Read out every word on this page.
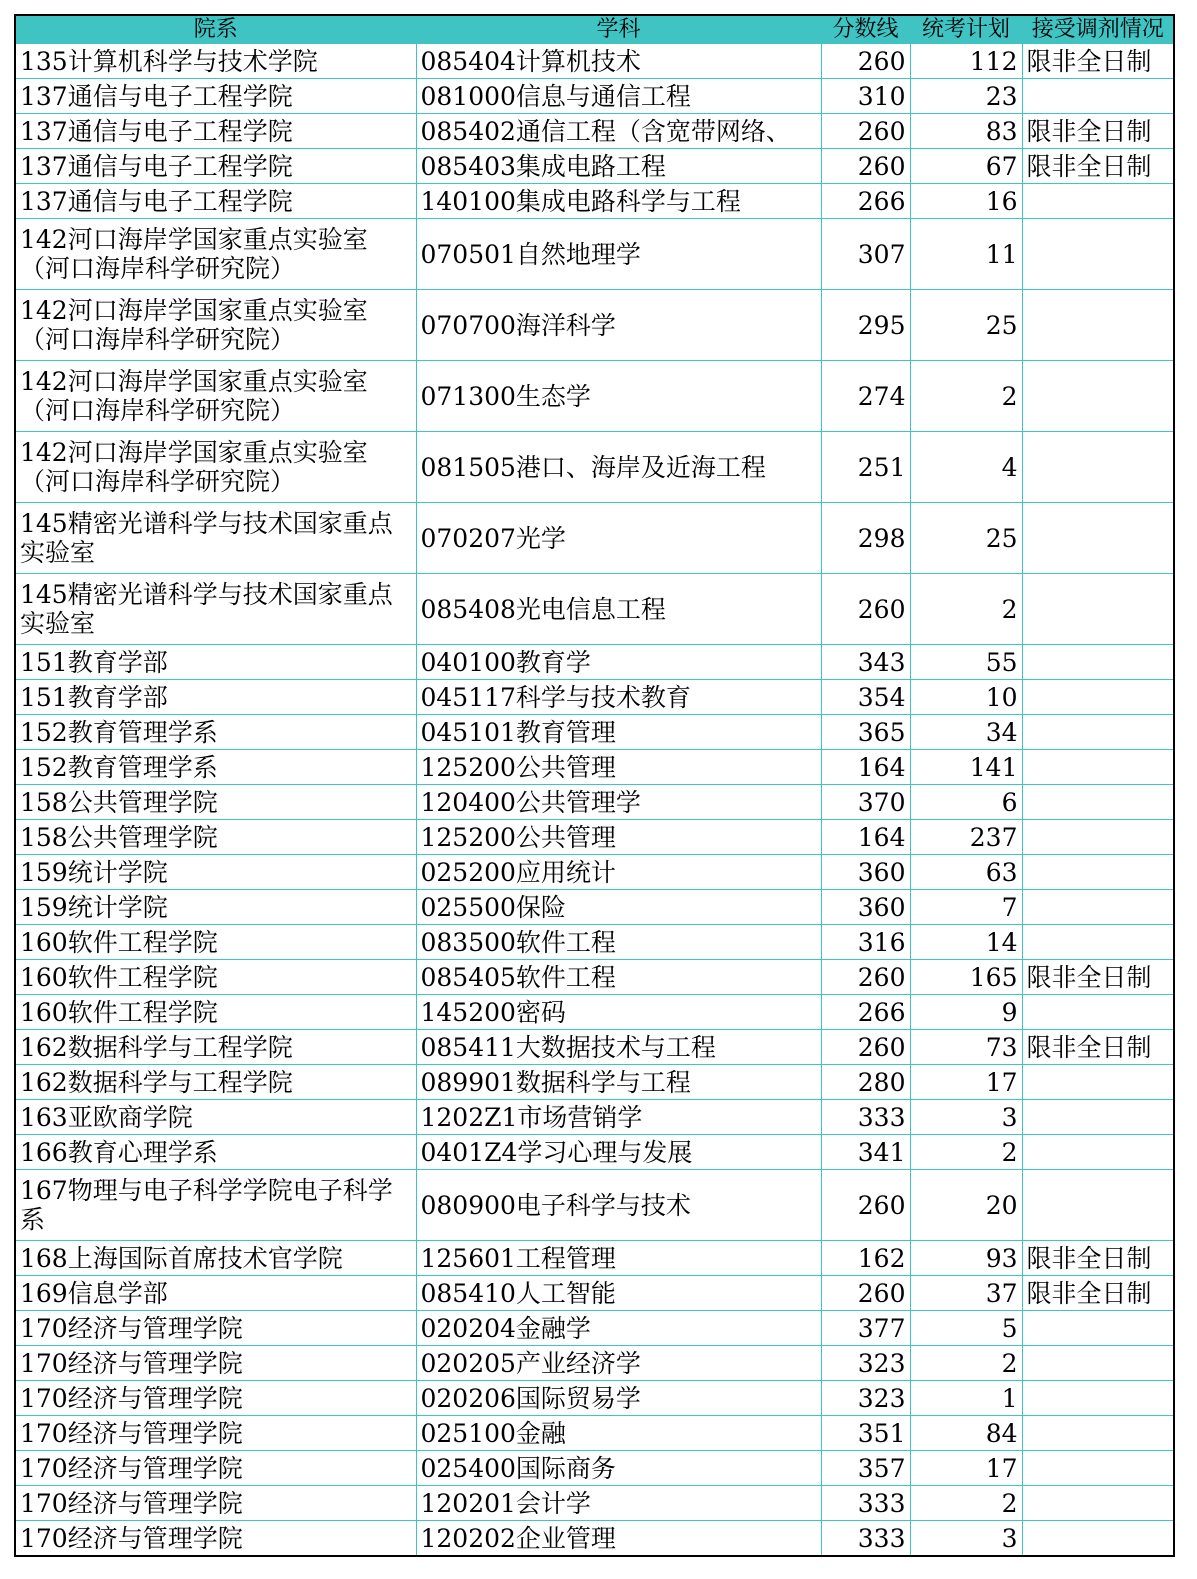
院系	学科	分数线	统考计划	接受调剂情况
135计算机科学与技术学院	085404计算机技术	260	112	限非全日制
137通信与电子工程学院	081000信息与通信工程	310	23	
137通信与电子工程学院	085402通信工程（含宽带网络、	260	83	限非全日制
137通信与电子工程学院	085403集成电路工程	260	67	限非全日制
137通信与电子工程学院	140100集成电路科学与工程	266	16	
142河口海岸学国家重点实验室（河口海岸科学研究院）	070501自然地理学	307	11	
142河口海岸学国家重点实验室（河口海岸科学研究院）	070700海洋科学	295	25	
142河口海岸学国家重点实验室（河口海岸科学研究院）	071300生态学	274	2	
142河口海岸学国家重点实验室（河口海岸科学研究院）	081505港口、海岸及近海工程	251	4	
145精密光谱科学与技术国家重点实验室	070207光学	298	25	
145精密光谱科学与技术国家重点实验室	085408光电信息工程	260	2	
151教育学部	040100教育学	343	55	
151教育学部	045117科学与技术教育	354	10	
152教育管理学系	045101教育管理	365	34	
152教育管理学系	125200公共管理	164	141	
158公共管理学院	120400公共管理学	370	6	
158公共管理学院	125200公共管理	164	237	
159统计学院	025200应用统计	360	63	
159统计学院	025500保险	360	7	
160软件工程学院	083500软件工程	316	14	
160软件工程学院	085405软件工程	260	165	限非全日制
160软件工程学院	145200密码	266	9	
162数据科学与工程学院	085411大数据技术与工程	260	73	限非全日制
162数据科学与工程学院	089901数据科学与工程	280	17	
163亚欧商学院	1202Z1市场营销学	333	3	
166教育心理学系	0401Z4学习心理与发展	341	2	
167物理与电子科学学院电子科学系	080900电子科学与技术	260	20	
168上海国际首席技术官学院	125601工程管理	162	93	限非全日制
169信息学部	085410人工智能	260	37	限非全日制
170经济与管理学院	020204金融学	377	5	
170经济与管理学院	020205产业经济学	323	2	
170经济与管理学院	020206国际贸易学	323	1	
170经济与管理学院	025100金融	351	84	
170经济与管理学院	025400国际商务	357	17	
170经济与管理学院	120201会计学	333	2	
170经济与管理学院	120202企业管理	333	3	
